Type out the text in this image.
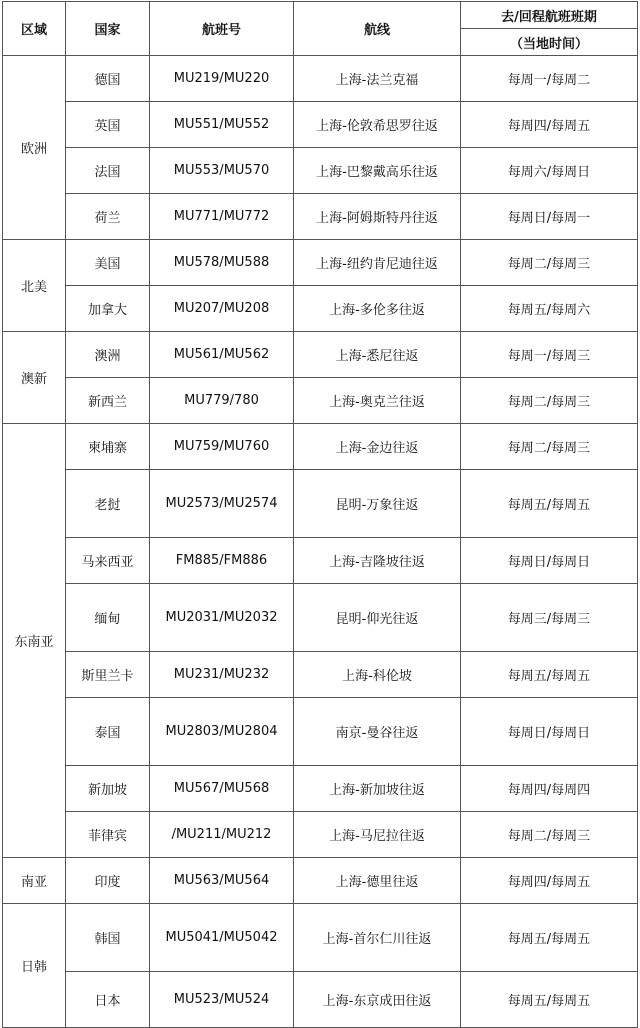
区域	国家	航班号	航线	去/回程航班班期
				（当地时间）
欧洲	德国	MU219/MU220	上海-法兰克福	每周一/每周二
	英国	MU551/MU552	上海-伦敦希思罗往返	每周四/每周五
	法国	MU553/MU570	上海-巴黎戴高乐往返	每周六/每周日
	荷兰	MU771/MU772	上海-阿姆斯特丹往返	每周日/每周一
北美	美国	MU578/MU588	上海-纽约肯尼迪往返	每周二/每周三
	加拿大	MU207/MU208	上海-多伦多往返	每周五/每周六
澳新	澳洲	MU561/MU562	上海-悉尼往返	每周一/每周三
	新西兰	MU779/780	上海-奥克兰往返	每周二/每周三
东南亚	柬埔寨	MU759/MU760	上海-金边往返	每周二/每周三
	老挝	MU2573/MU2574	昆明-万象往返	每周五/每周五
	马来西亚	FM885/FM886	上海-吉隆坡往返	每周日/每周日
	缅甸	MU2031/MU2032	昆明-仰光往返	每周三/每周三
	斯里兰卡	MU231/MU232	上海-科伦坡	每周五/每周五
	泰国	MU2803/MU2804	南京-曼谷往返	每周日/每周日
	新加坡	MU567/MU568	上海-新加坡往返	每周四/每周四
	菲律宾	/MU211/MU212	上海-马尼拉往返	每周二/每周三
南亚	印度	MU563/MU564	上海-德里往返	每周四/每周五
日韩	韩国	MU5041/MU5042	上海-首尔仁川往返	每周五/每周五
	日本	MU523/MU524	上海-东京成田往返	每周五/每周五
